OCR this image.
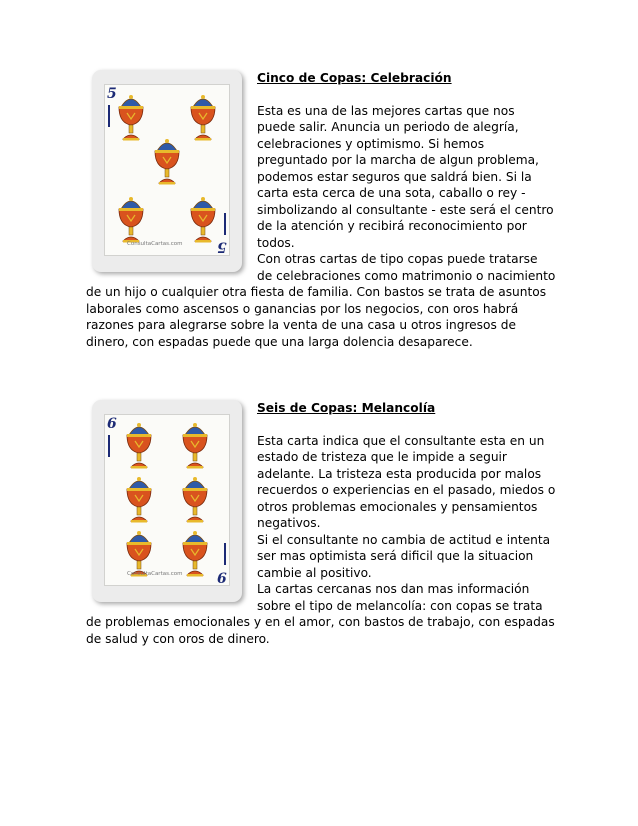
5
5
ConsultaCartas.com

Cinco de Copas: Celebración

Esta es una de las mejores cartas que nos puede salir. Anuncia un periodo de alegría, celebraciones y optimismo. Si hemos preguntado por la marcha de algun problema, podemos estar seguros que saldrá bien. Si la carta esta cerca de una sota, caballo o rey - simbolizando al consultante - este será el centro de la atención y recibirá reconocimiento por todos.

Con otras cartas de tipo copas puede tratarse de celebraciones como matrimonio o nacimiento de un hijo o cualquier otra fiesta de familia. Con bastos se trata de asuntos laborales como ascensos o ganancias por los negocios, con oros habrá razones para alegrarse sobre la venta de una casa u otros ingresos de dinero, con espadas puede que una larga dolencia desaparece.

6
9
ConsultaCartas.com

Seis de Copas: Melancolía

Esta carta indica que el consultante esta en un estado de tristeza que le impide a seguir adelante. La tristeza esta producida por malos recuerdos o experiencias en el pasado, miedos o otros problemas emocionales y pensamientos negativos.

Si el consultante no cambia de actitud e intenta ser mas optimista será dificil que la situacion cambie al positivo.

La cartas cercanas nos dan mas información sobre el tipo de melancolía: con copas se trata de problemas emocionales y en el amor, con bastos de trabajo, con espadas de salud y con oros de dinero.
